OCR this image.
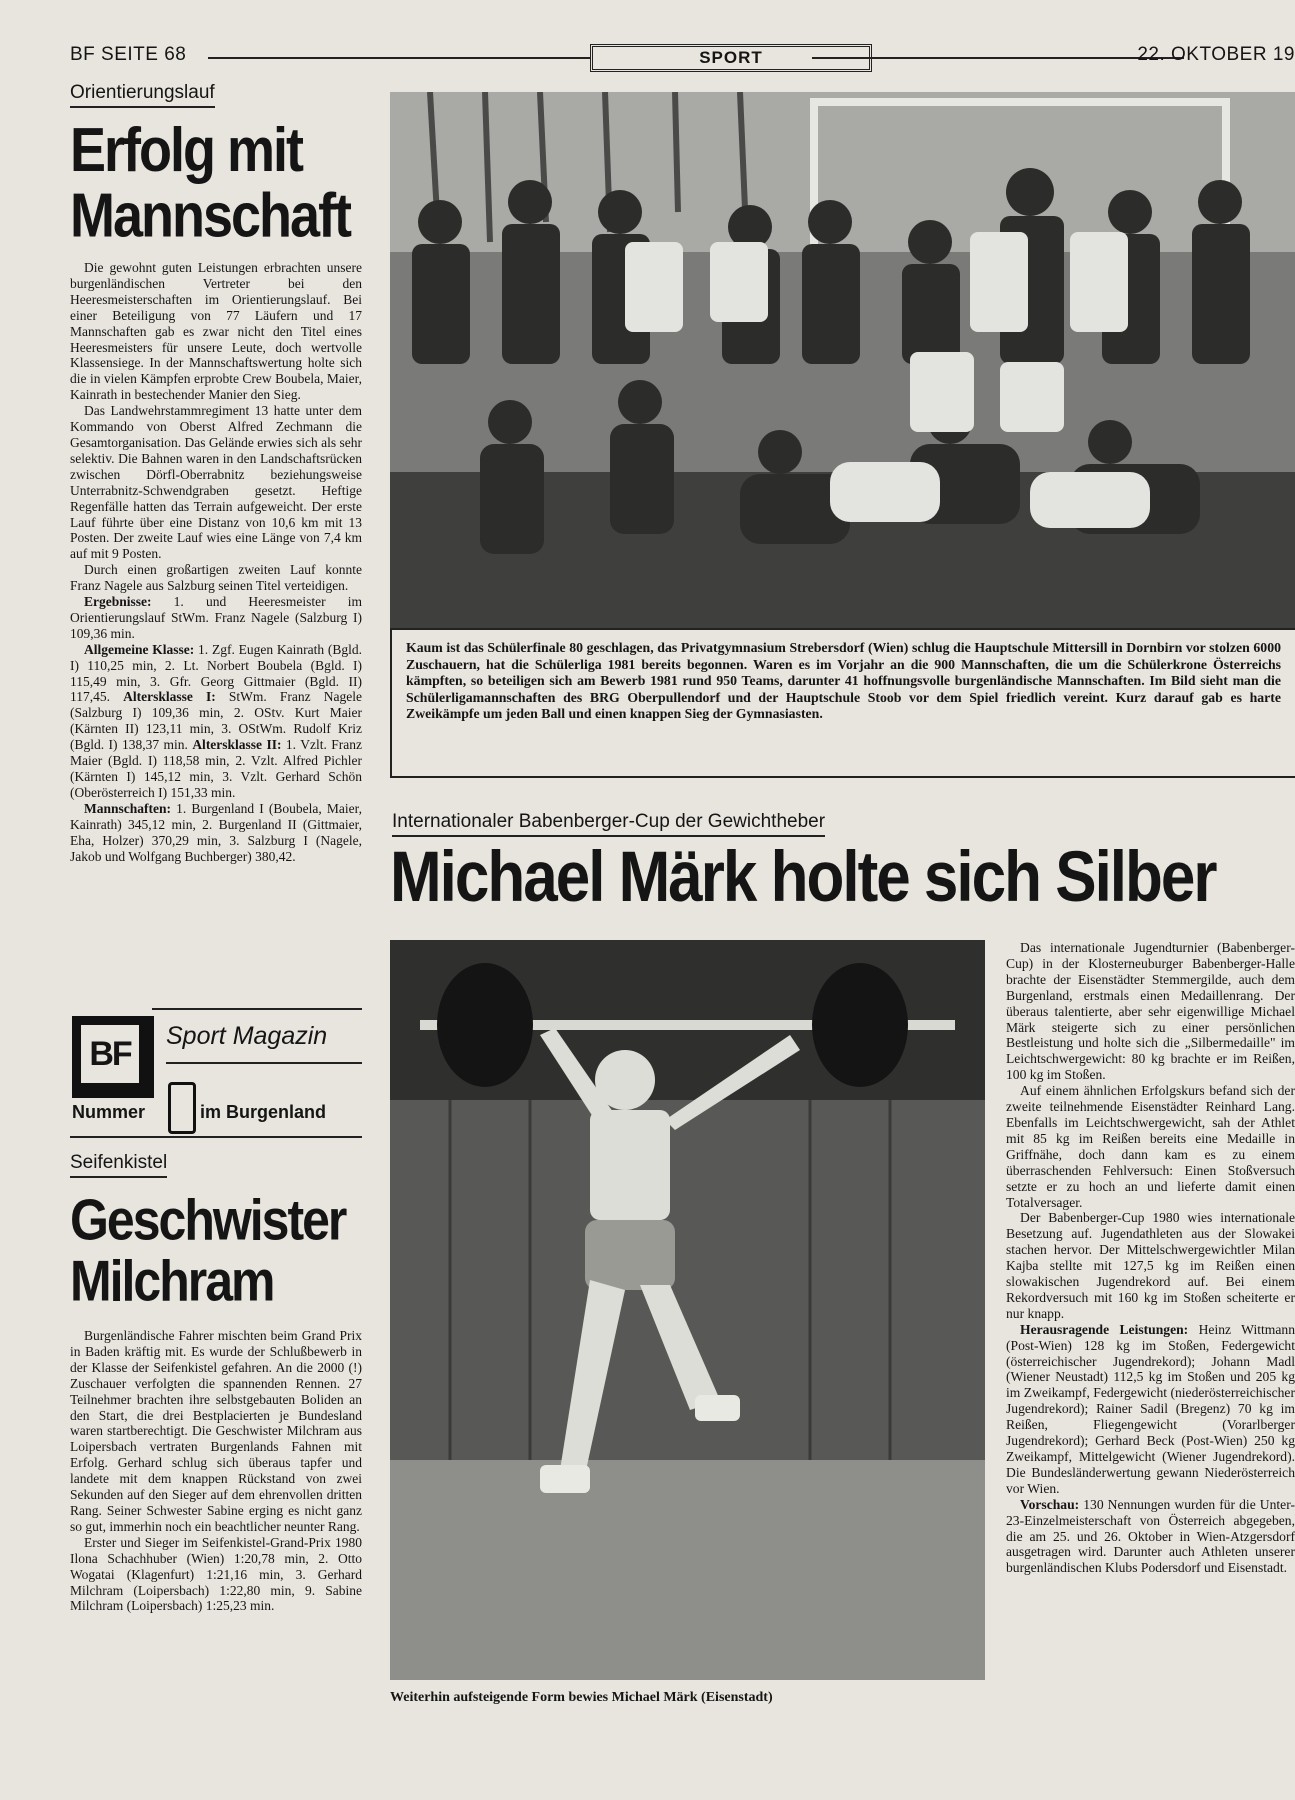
BF SEITE 68	SPORT	22. OKTOBER 19
Orientierungslauf
Erfolg mit
Mannschaft

Die gewohnt guten Leistungen erbrachten unsere burgenländischen Vertreter bei den Heeresmeisterschaften im Orientierungslauf. Bei einer Beteiligung von 77 Läufern und 17 Mannschaften gab es zwar nicht den Titel eines Heeresmeisters für unsere Leute, doch wertvolle Klassensiege. In der Mannschaftswertung holte sich die in vielen Kämpfen erprobte Crew Boubela, Maier, Kainrath in bestechender Manier den Sieg.

Das Landwehrstammregiment 13 hatte unter dem Kommando von Oberst Alfred Zechmann die Gesamtorganisation. Das Gelände erwies sich als sehr selektiv. Die Bahnen waren in den Landschaftsrücken zwischen Dörfl-Oberrabnitz beziehungsweise Unterrabnitz-Schwendgraben gesetzt. Heftige Regenfälle hatten das Terrain aufgeweicht. Der erste Lauf führte über eine Distanz von 10,6 km mit 13 Posten. Der zweite Lauf wies eine Länge von 7,4 km auf mit 9 Posten.

Durch einen großartigen zweiten Lauf konnte Franz Nagele aus Salzburg seinen Titel verteidigen.

Ergebnisse: 1. und Heeresmeister im Orientierungslauf StWm. Franz Nagele (Salzburg I) 109,36 min.

Allgemeine Klasse: 1. Zgf. Eugen Kainrath (Bgld. I) 110,25 min, 2. Lt. Norbert Boubela (Bgld. I) 115,49 min, 3. Gfr. Georg Gittmaier (Bgld. II) 117,45. Altersklasse I: StWm. Franz Nagele (Salzburg I) 109,36 min, 2. OStv. Kurt Maier (Kärnten II) 123,11 min, 3. OStWm. Rudolf Kriz (Bgld. I) 138,37 min. Altersklasse II: 1. Vzlt. Franz Maier (Bgld. I) 118,58 min, 2. Vzlt. Alfred Pichler (Kärnten I) 145,12 min, 3. Vzlt. Gerhard Schön (Oberösterreich I) 151,33 min.

Mannschaften: 1. Burgenland I (Boubela, Maier, Kainrath) 345,12 min, 2. Burgenland II (Gittmaier, Eha, Holzer) 370,29 min, 3. Salzburg I (Nagele, Jakob und Wolfgang Buchberger) 380,42.

BF	Sport Magazin
Nummer	im Burgenland
Seifenkistel
Geschwister
Milchram

Burgenländische Fahrer mischten beim Grand Prix in Baden kräftig mit. Es wurde der Schlußbewerb in der Klasse der Seifenkistel gefahren. An die 2000 (!) Zuschauer verfolgten die spannenden Rennen. 27 Teilnehmer brachten ihre selbstgebauten Boliden an den Start, die drei Bestplacierten je Bundesland waren startberechtigt. Die Geschwister Milchram aus Loipersbach vertraten Burgenlands Fahnen mit Erfolg. Gerhard schlug sich überaus tapfer und landete mit dem knappen Rückstand von zwei Sekunden auf den Sieger auf dem ehrenvollen dritten Rang. Seiner Schwester Sabine erging es nicht ganz so gut, immerhin noch ein beachtlicher neunter Rang.

Erster und Sieger im Seifenkistel-Grand-Prix 1980 Ilona Schachhuber (Wien) 1:20,78 min, 2. Otto Wogatai (Klagenfurt) 1:21,16 min, 3. Gerhard Milchram (Loipersbach) 1:22,80 min, 9. Sabine Milchram (Loipersbach) 1:25,23 min.

Kaum ist das Schülerfinale 80 geschlagen, das Privatgymnasium Strebersdorf (Wien) schlug die Hauptschule Mittersill in Dornbirn vor stolzen 6000 Zuschauern, hat die Schülerliga 1981 bereits begonnen. Waren es im Vorjahr an die 900 Mannschaften, die um die Schülerkrone Österreichs kämpften, so beteiligen sich am Bewerb 1981 rund 950 Teams, darunter 41 hoffnungsvolle burgenländische Mannschaften. Im Bild sieht man die Schülerligamannschaften des BRG Oberpullendorf und der Hauptschule Stoob vor dem Spiel friedlich vereint. Kurz darauf gab es harte Zweikämpfe um jeden Ball und einen knappen Sieg der Gymnasiasten.

Internationaler Babenberger-Cup der Gewichtheber
Michael Märk holte sich Silber
Weiterhin aufsteigende Form bewies Michael Märk (Eisenstadt)

Das internationale Jugendturnier (Babenberger-Cup) in der Klosterneuburger Babenberger-Halle brachte der Eisenstädter Stemmergilde, auch dem Burgenland, erstmals einen Medaillenrang. Der überaus talentierte, aber sehr eigenwillige Michael Märk steigerte sich zu einer persönlichen Bestleistung und holte sich die „Silbermedaille" im Leichtschwergewicht: 80 kg brachte er im Reißen, 100 kg im Stoßen.

Auf einem ähnlichen Erfolgskurs befand sich der zweite teilnehmende Eisenstädter Reinhard Lang. Ebenfalls im Leichtschwergewicht, sah der Athlet mit 85 kg im Reißen bereits eine Medaille in Griffnähe, doch dann kam es zu einem überraschenden Fehlversuch: Einen Stoßversuch setzte er zu hoch an und lieferte damit einen Totalversager.

Der Babenberger-Cup 1980 wies internationale Besetzung auf. Jugendathleten aus der Slowakei stachen hervor. Der Mittelschwergewichtler Milan Kajba stellte mit 127,5 kg im Reißen einen slowakischen Jugendrekord auf. Bei einem Rekordversuch mit 160 kg im Stoßen scheiterte er nur knapp.

Herausragende Leistungen: Heinz Wittmann (Post-Wien) 128 kg im Stoßen, Federgewicht (österreichischer Jugendrekord); Johann Madl (Wiener Neustadt) 112,5 kg im Stoßen und 205 kg im Zweikampf, Federgewicht (niederösterreichischer Jugendrekord); Rainer Sadil (Bregenz) 70 kg im Reißen, Fliegengewicht (Vorarlberger Jugendrekord); Gerhard Beck (Post-Wien) 250 kg Zweikampf, Mittelgewicht (Wiener Jugendrekord). Die Bundesländerwertung gewann Niederösterreich vor Wien.

Vorschau: 130 Nennungen wurden für die Unter-23-Einzelmeisterschaft von Österreich abgegeben, die am 25. und 26. Oktober in Wien-Atzgersdorf ausgetragen wird. Darunter auch Athleten unserer burgenländischen Klubs Podersdorf und Eisenstadt.
